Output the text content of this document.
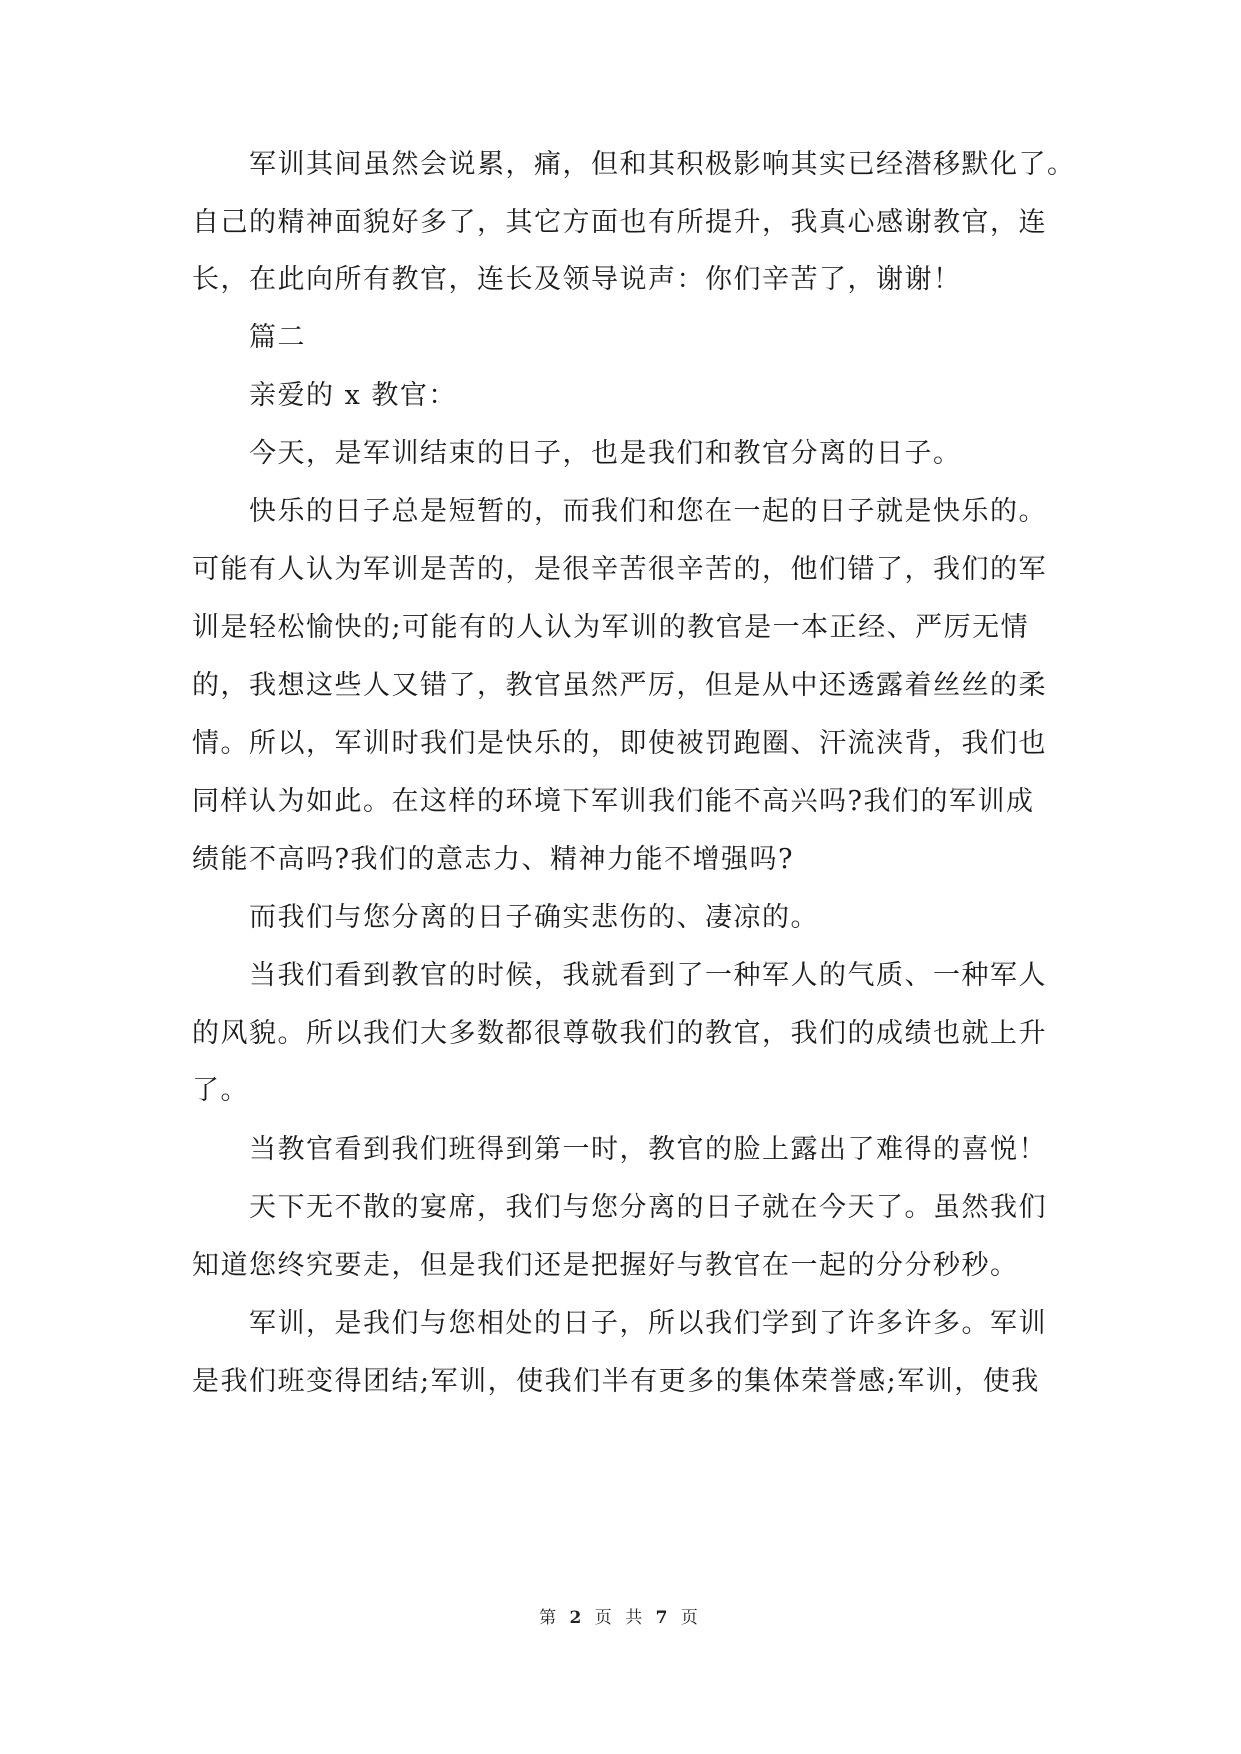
军训其间虽然会说累，痛，但和其积极影响其实已经潜移默化了。
自己的精神面貌好多了，其它方面也有所提升，我真心感谢教官，连
长，在此向所有教官，连长及领导说声：你们辛苦了，谢谢！
篇二
亲爱的 x 教官：
今天，是军训结束的日子，也是我们和教官分离的日子。
快乐的日子总是短暂的，而我们和您在一起的日子就是快乐的。
可能有人认为军训是苦的，是很辛苦很辛苦的，他们错了，我们的军
训是轻松愉快的;可能有的人认为军训的教官是一本正经、严厉无情
的，我想这些人又错了，教官虽然严厉，但是从中还透露着丝丝的柔
情。所以，军训时我们是快乐的，即使被罚跑圈、汗流浃背，我们也
同样认为如此。在这样的环境下军训我们能不高兴吗?我们的军训成
绩能不高吗?我们的意志力、精神力能不增强吗?
而我们与您分离的日子确实悲伤的、凄凉的。
当我们看到教官的时候，我就看到了一种军人的气质、一种军人
的风貌。所以我们大多数都很尊敬我们的教官，我们的成绩也就上升
了。
当教官看到我们班得到第一时，教官的脸上露出了难得的喜悦！
天下无不散的宴席，我们与您分离的日子就在今天了。虽然我们
知道您终究要走，但是我们还是把握好与教官在一起的分分秒秒。
军训，是我们与您相处的日子，所以我们学到了许多许多。军训
是我们班变得团结;军训，使我们半有更多的集体荣誉感;军训，使我
第 2 页 共 7 页
